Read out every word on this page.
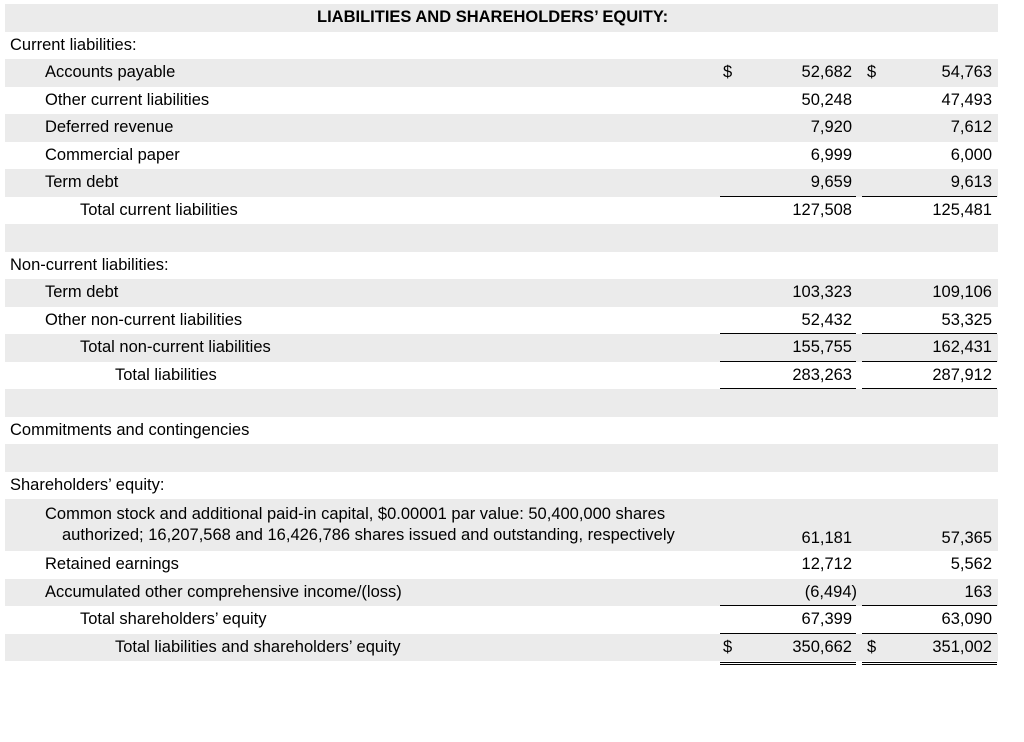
LIABILITIES AND SHAREHOLDERS’ EQUITY:
Current liabilities:
Accounts payable	$	52,682 $	54,763
Other current liabilities	50,248	47,493
Deferred revenue	7,920	7,612
Commercial paper	6,999	6,000
Term debt	9,659	9,613
Total current liabilities	127,508	125,481
Non-current liabilities:
Term debt	103,323	109,106
Other non-current liabilities	52,432	53,325
Total non-current liabilities	155,755	162,431
Total liabilities	283,263	287,912
Commitments and contingencies
Shareholders’ equity:
Common stock and additional paid-in capital, $0.00001 par value: 50,400,000 shares
authorized; 16,207,568 and 16,426,786 shares issued and outstanding, respectively	61,181	57,365
Retained earnings	12,712	5,562
Accumulated other comprehensive income/(loss)	(6,494)	163
Total shareholders’ equity	67,399	63,090
Total liabilities and shareholders’ equity	$	350,662 $	351,002
